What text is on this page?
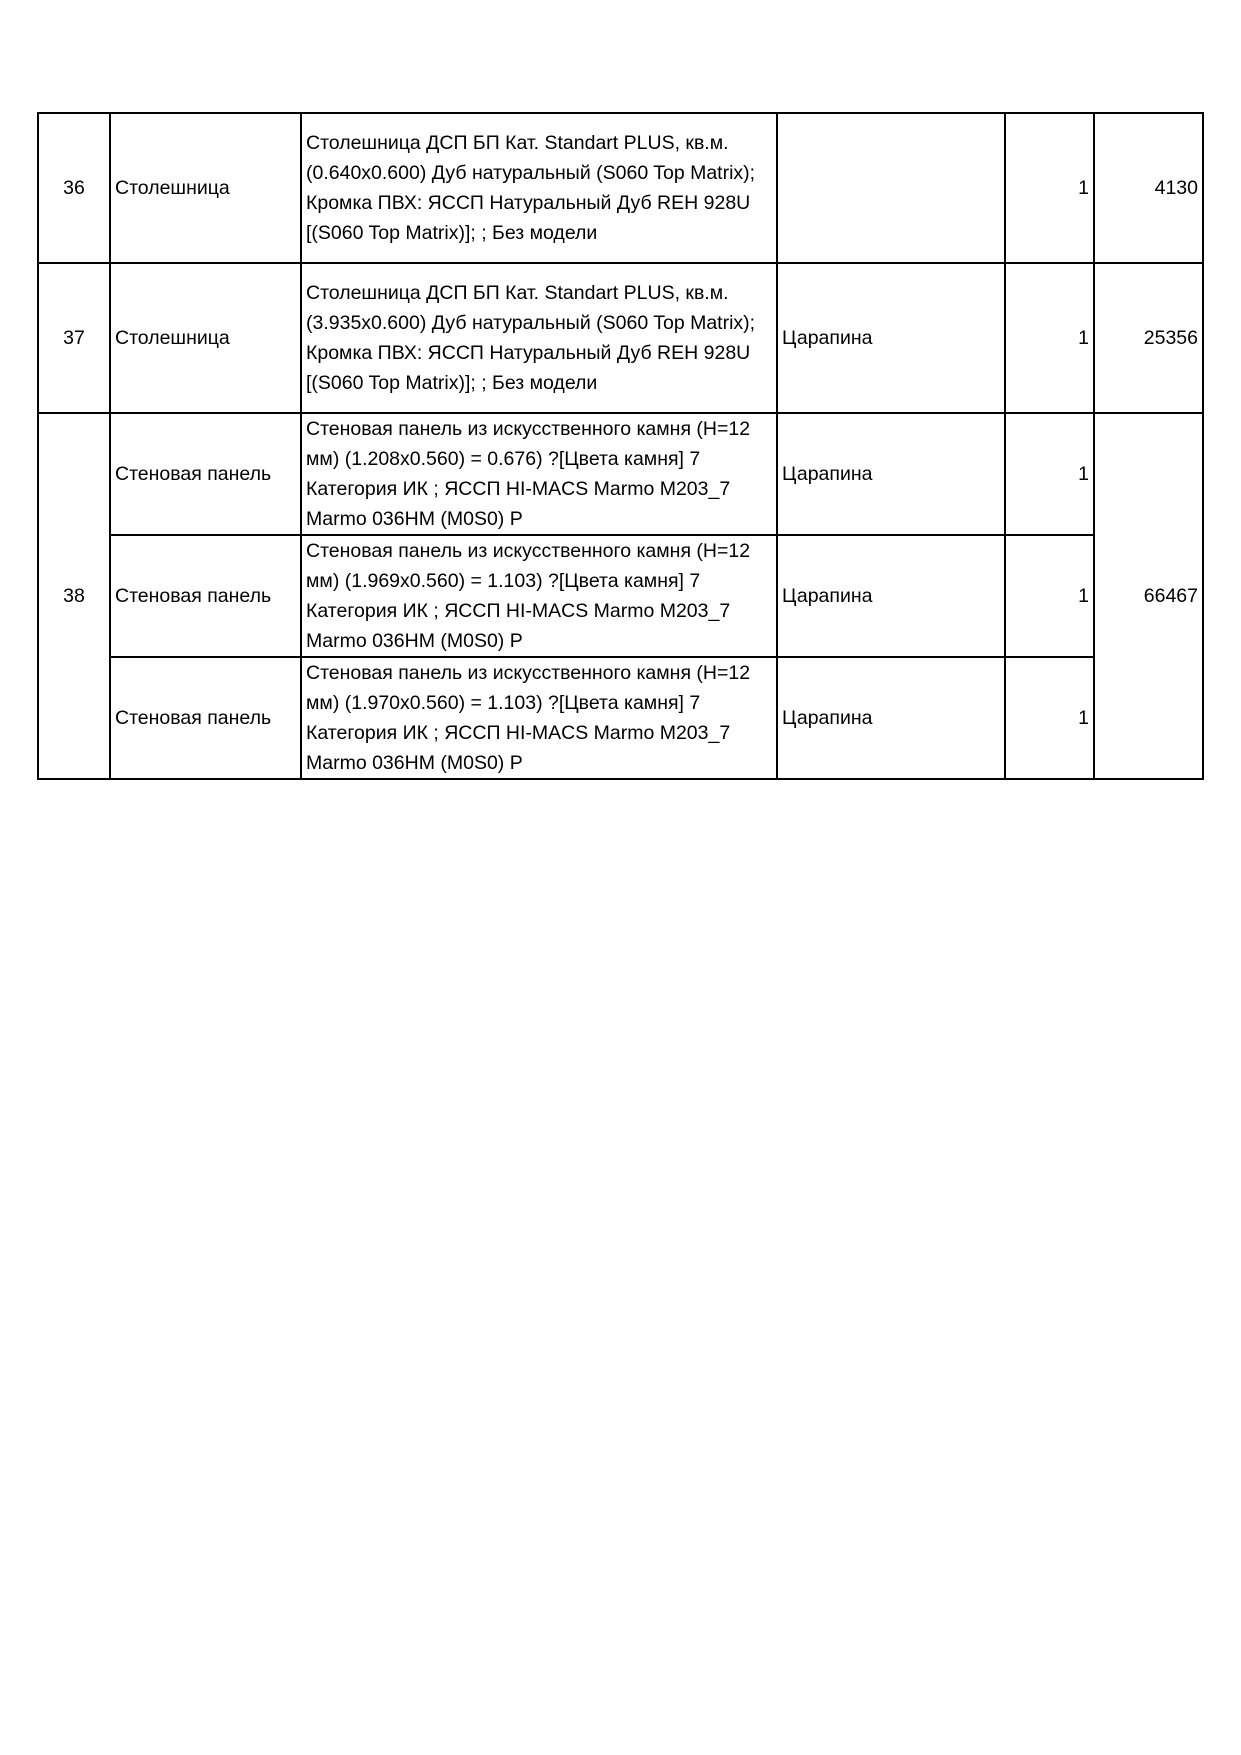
36	Столешница	Столешница ДСП БП Кат. Standart PLUS, кв.м. (0.640x0.600) Дуб натуральный (S060 Top Matrix); Кромка ПВХ: ЯССП Натуральный Дуб REH 928U [(S060 Top Matrix)]; ; Без модели		1	4130
37	Столешница	Столешница ДСП БП Кат. Standart PLUS, кв.м. (3.935x0.600) Дуб натуральный (S060 Top Matrix); Кромка ПВХ: ЯССП Натуральный Дуб REH 928U [(S060 Top Matrix)]; ; Без модели	Царапина	1	25356
38	Стеновая панель	Стеновая панель из искусственного камня (H=12 мм) (1.208x0.560) = 0.676) ?[Цвета камня] 7 Категория ИК ; ЯССП HI-MACS Marmo M203_7 Marmo 036HM (M0S0) P	Царапина	1	66467
	Стеновая панель	Стеновая панель из искусственного камня (H=12 мм) (1.969x0.560) = 1.103) ?[Цвета камня] 7 Категория ИК ; ЯССП HI-MACS Marmo M203_7 Marmo 036HM (M0S0) P	Царапина	1	
	Стеновая панель	Стеновая панель из искусственного камня (H=12 мм) (1.970x0.560) = 1.103) ?[Цвета камня] 7 Категория ИК ; ЯССП HI-MACS Marmo M203_7 Marmo 036HM (M0S0) P	Царапина	1	
